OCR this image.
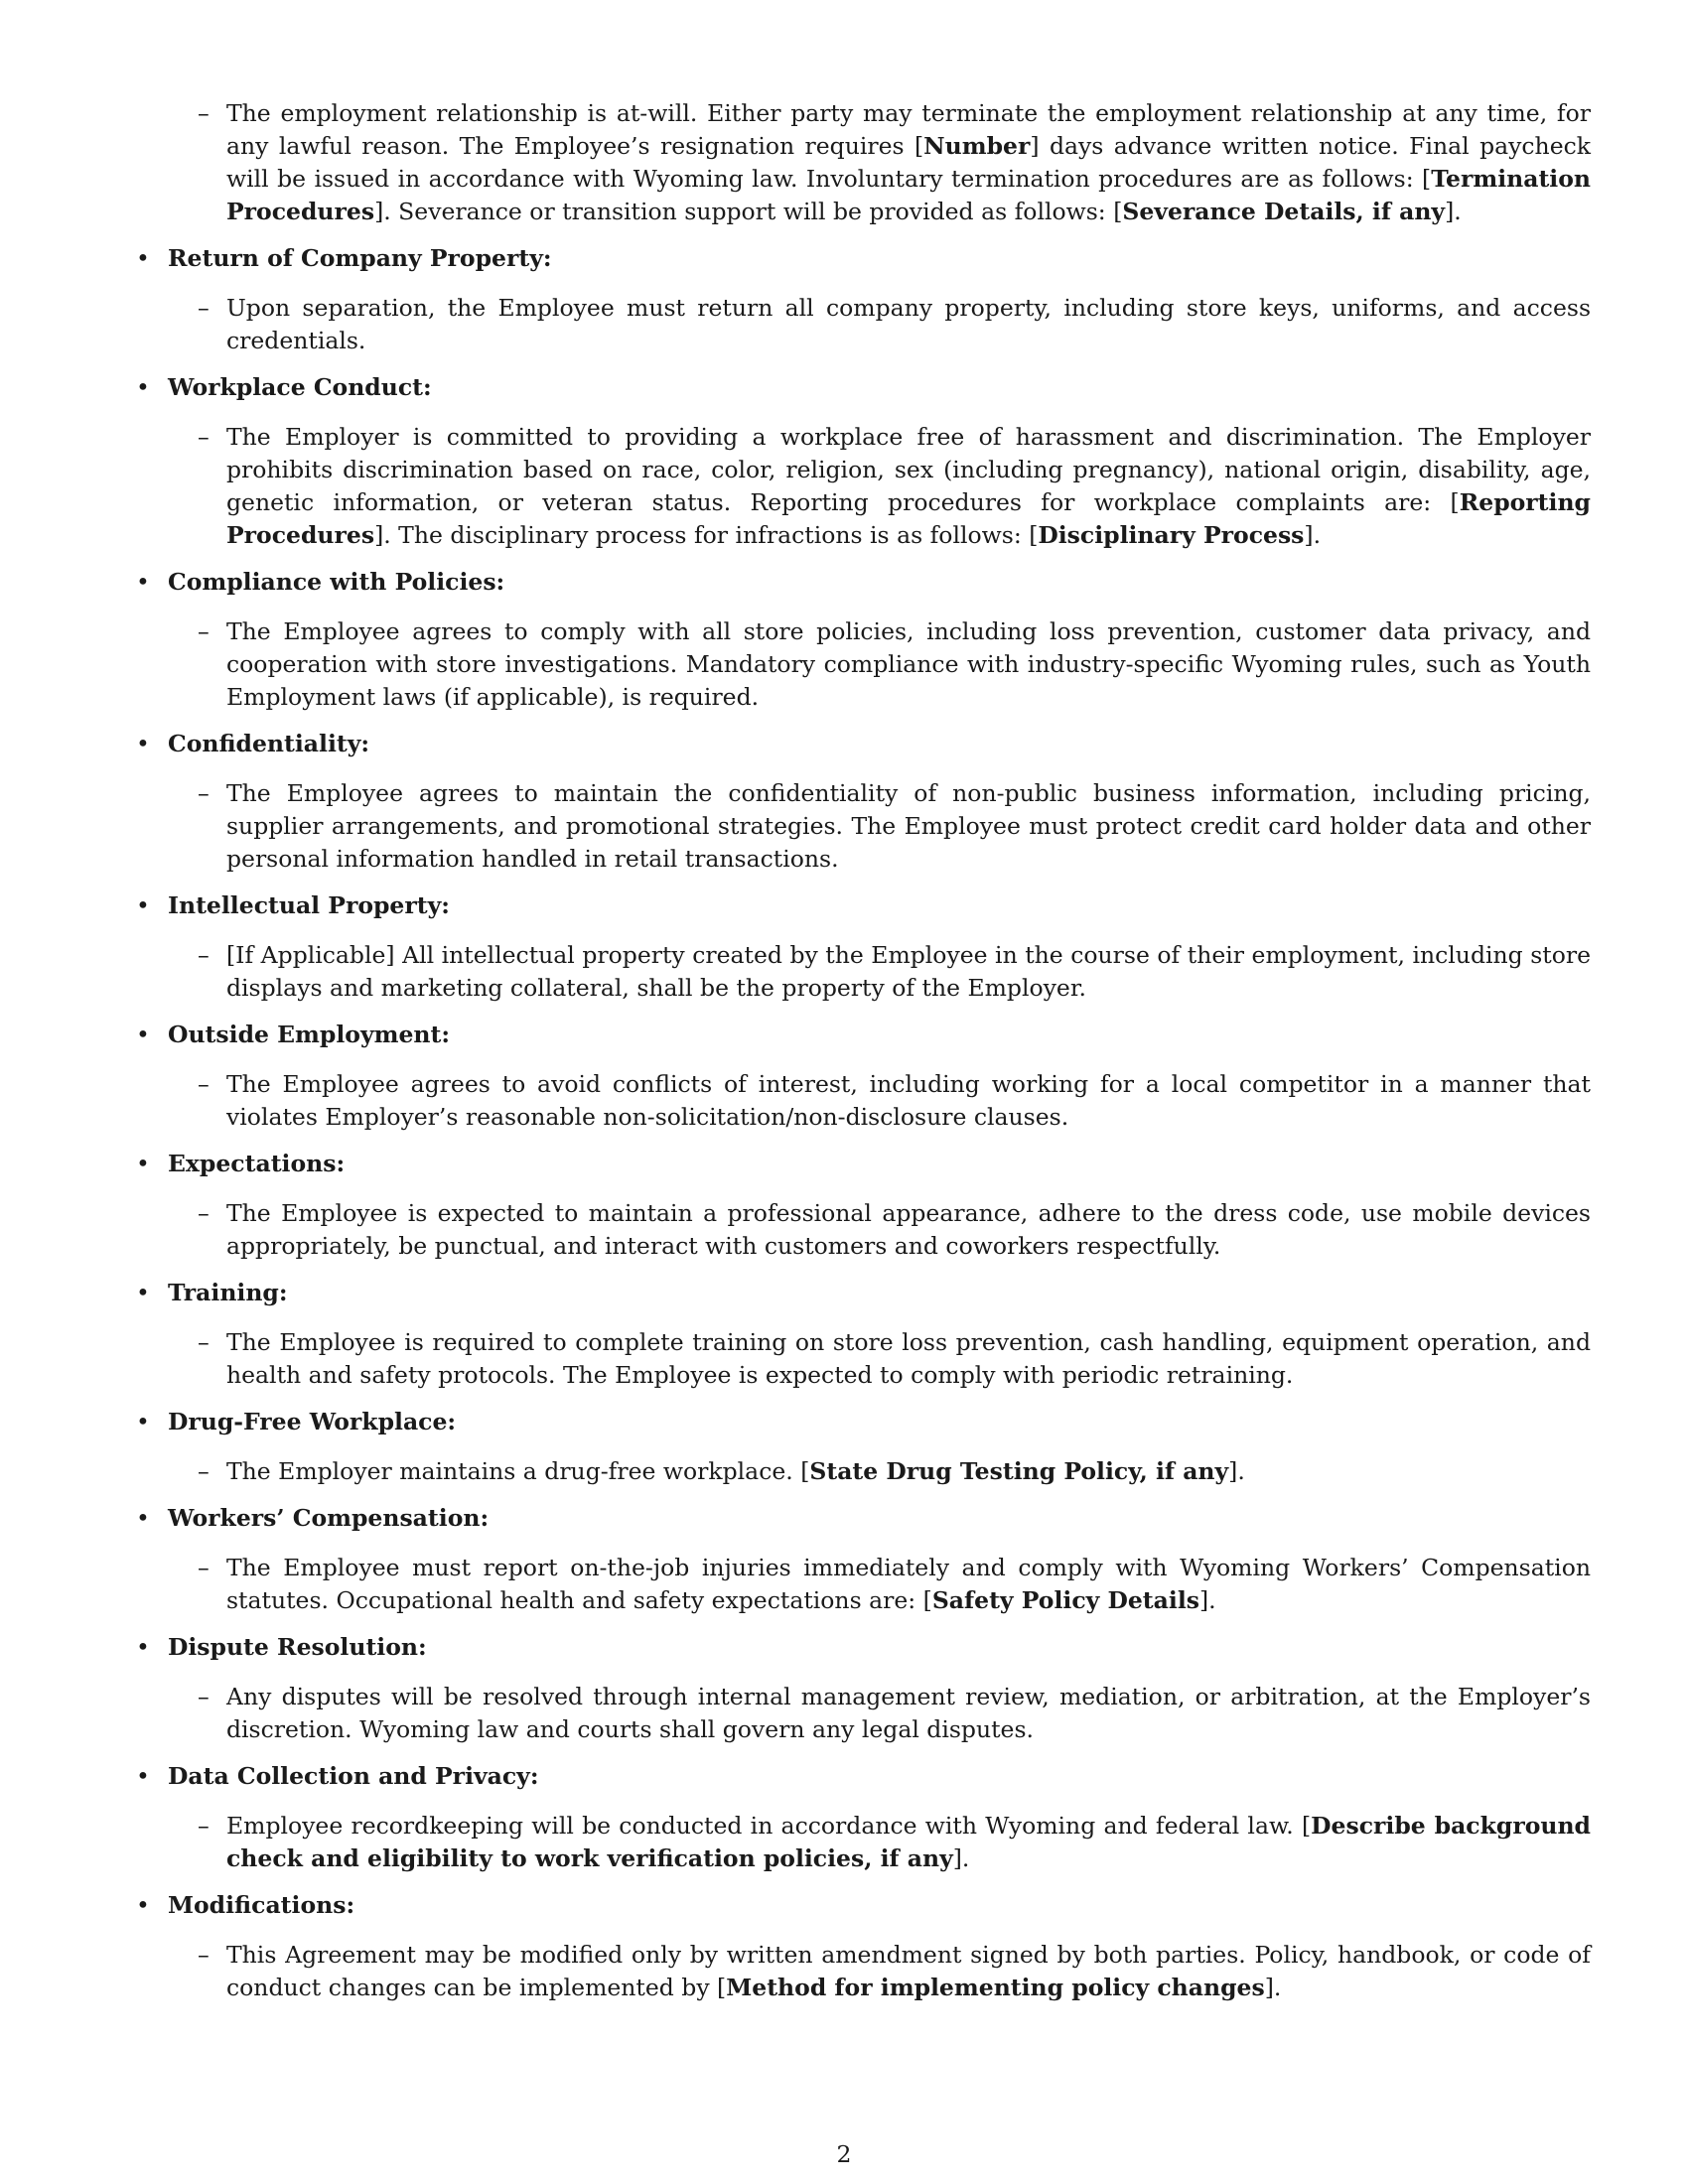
– The employment relationship is at-will. Either party may terminate the employment relationship at any time, for any lawful reason. The Employee’s resignation requires [Number] days advance written notice. Final paycheck will be issued in accordance with Wyoming law. Involuntary termination procedures are as follows: [Termination Procedures]. Severance or transition support will be provided as follows: [Severance Details, if any].
• Return of Company Property:
– Upon separation, the Employee must return all company property, including store keys, uniforms, and access credentials.
• Workplace Conduct:
– The Employer is committed to providing a workplace free of harassment and discrimination. The Employer prohibits discrimination based on race, color, religion, sex (including pregnancy), national origin, disability, age, genetic information, or veteran status. Reporting procedures for workplace complaints are: [Reporting Procedures]. The disciplinary process for infractions is as follows: [Disciplinary Process].
• Compliance with Policies:
– The Employee agrees to comply with all store policies, including loss prevention, customer data privacy, and cooperation with store investigations. Mandatory compliance with industry-specific Wyoming rules, such as Youth Employment laws (if applicable), is required.
• Confidentiality:
– The Employee agrees to maintain the confidentiality of non-public business information, including pricing, supplier arrangements, and promotional strategies. The Employee must protect credit card holder data and other personal information handled in retail transactions.
• Intellectual Property:
– [If Applicable] All intellectual property created by the Employee in the course of their employment, including store displays and marketing collateral, shall be the property of the Employer.
• Outside Employment:
– The Employee agrees to avoid conflicts of interest, including working for a local competitor in a manner that violates Employer’s reasonable non-solicitation/non-disclosure clauses.
• Expectations:
– The Employee is expected to maintain a professional appearance, adhere to the dress code, use mobile devices appropriately, be punctual, and interact with customers and coworkers respectfully.
• Training:
– The Employee is required to complete training on store loss prevention, cash handling, equipment operation, and health and safety protocols. The Employee is expected to comply with periodic retraining.
• Drug-Free Workplace:
– The Employer maintains a drug-free workplace. [State Drug Testing Policy, if any].
• Workers’ Compensation:
– The Employee must report on-the-job injuries immediately and comply with Wyoming Workers’ Compensation statutes. Occupational health and safety expectations are: [Safety Policy Details].
• Dispute Resolution:
– Any disputes will be resolved through internal management review, mediation, or arbitration, at the Employer’s discretion. Wyoming law and courts shall govern any legal disputes.
• Data Collection and Privacy:
– Employee recordkeeping will be conducted in accordance with Wyoming and federal law. [Describe background check and eligibility to work verification policies, if any].
• Modifications:
– This Agreement may be modified only by written amendment signed by both parties. Policy, handbook, or code of conduct changes can be implemented by [Method for implementing policy changes].
2
